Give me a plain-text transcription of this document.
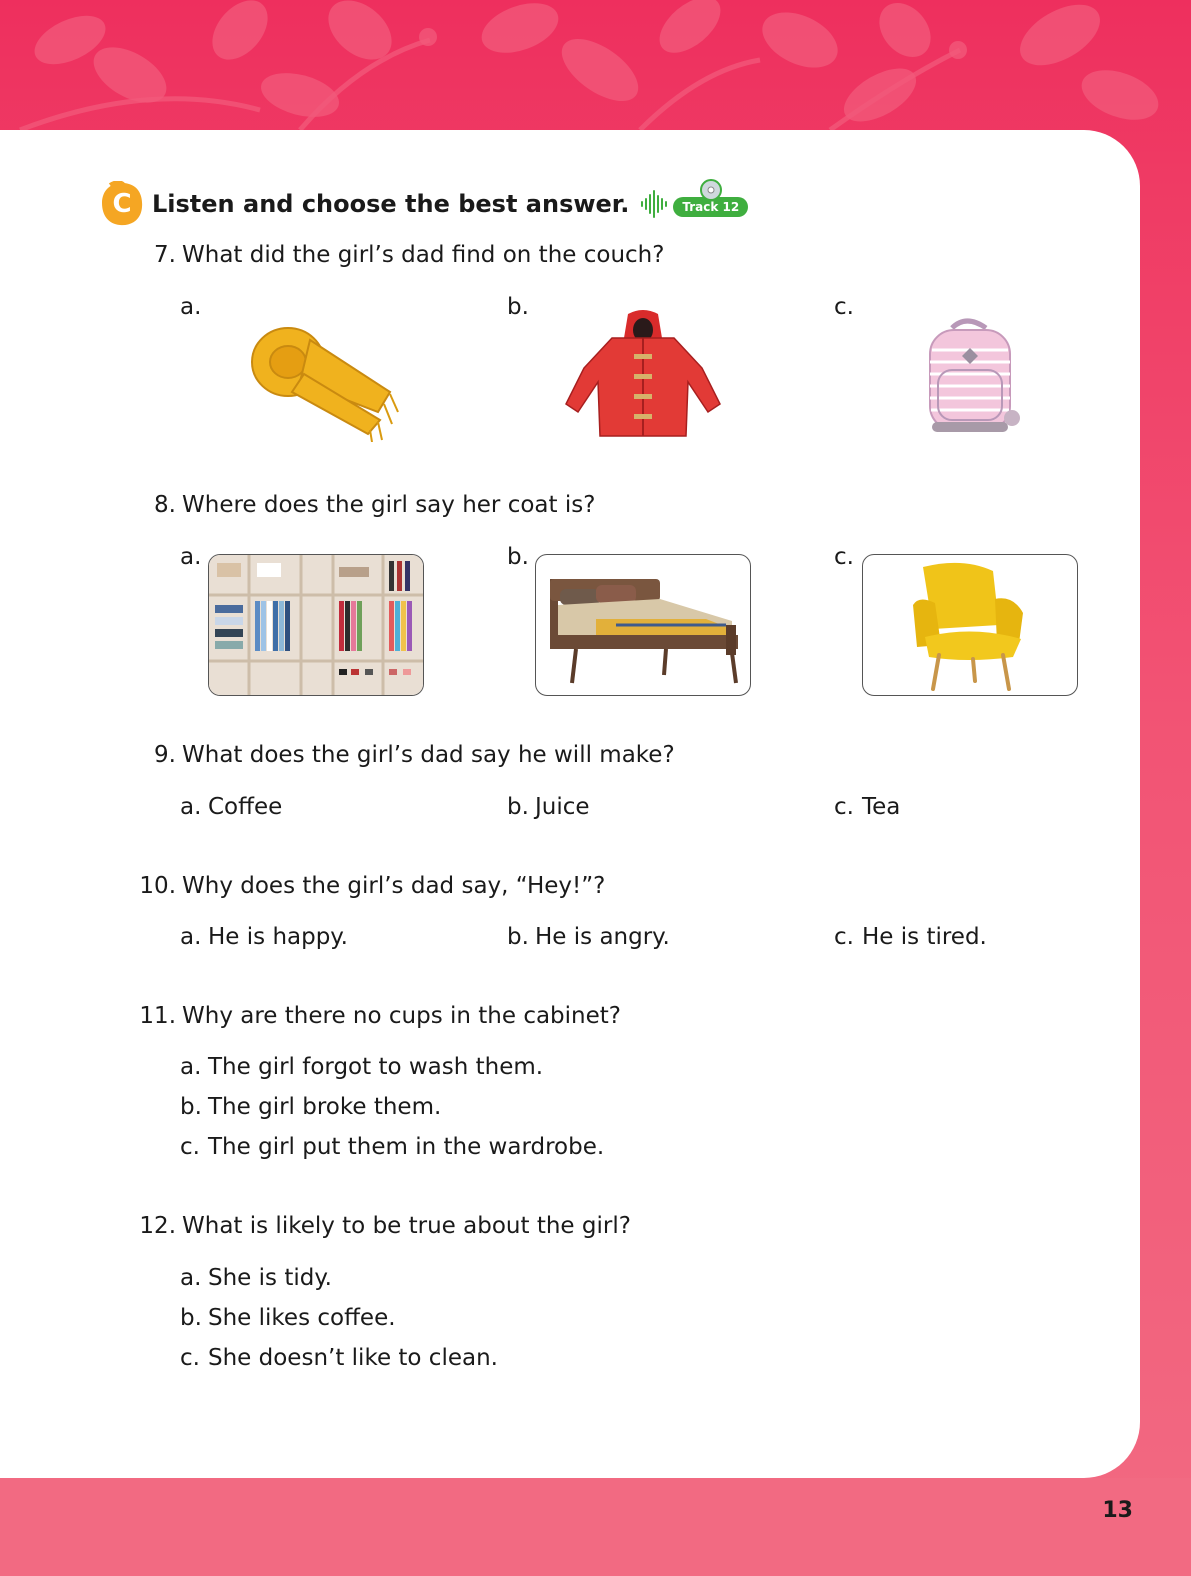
13
C Listen and choose the best answer.	Track 12
7. What did the girl’s dad find on the couch?
a.	b.	c.
8. Where does the girl say her coat is?
a.	b.	c.
9. What does the girl’s dad say he will make?
a. Coffee	b. Juice	c. Tea
10. Why does the girl’s dad say, “Hey!”?
a. He is happy.	b. He is angry.	c. He is tired.
11. Why are there no cups in the cabinet?
a. The girl forgot to wash them.
b. The girl broke them.
c. The girl put them in the wardrobe.
12. What is likely to be true about the girl?
a. She is tidy.
b. She likes coffee.
c. She doesn’t like to clean.
